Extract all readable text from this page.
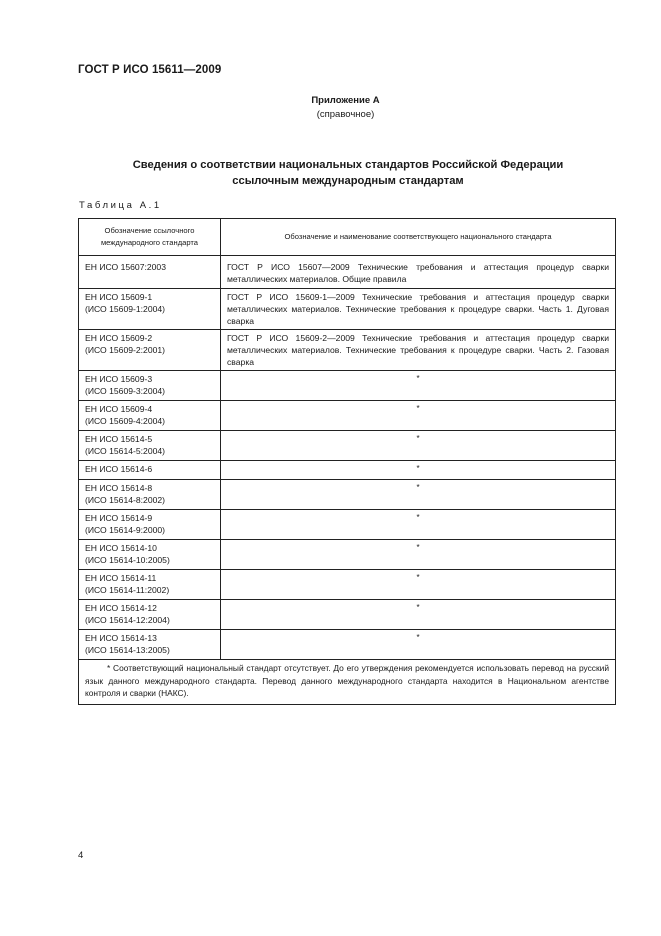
ГОСТ Р ИСО 15611—2009
Приложение А
(справочное)
Сведения о соответствии национальных стандартов Российской Федерации
ссылочным международным стандартам
Таблица А.1
Обозначение ссылочного международного стандарта	Обозначение и наименование соответствующего национального стандарта
ЕН ИСО 15607:2003	ГОСТ Р ИСО 15607—2009 Технические требования и аттестация процедур сварки металлических материалов. Общие правила

ЕН ИСО 15609-1
(ИСО 15609-1:2004)	ГОСТ Р ИСО 15609-1—2009 Технические требования и аттестация процедур сварки металлических материалов. Технические требования к процедуре сварки. Часть 1. Дуговая сварка

ЕН ИСО 15609-2
(ИСО 15609-2:2001)	ГОСТ Р ИСО 15609-2—2009 Технические требования и аттестация процедур сварки металлических материалов. Технические требования к процедуре сварки. Часть 2. Газовая сварка

ЕН ИСО 15609-3
(ИСО 15609-3:2004)	*

ЕН ИСО 15609-4
(ИСО 15609-4:2004)	*

ЕН ИСО 15614-5
(ИСО 15614-5:2004)	*

ЕН ИСО 15614-6	*

ЕН ИСО 15614-8
(ИСО 15614-8:2002)	*

ЕН ИСО 15614-9
(ИСО 15614-9:2000)	*

ЕН ИСО 15614-10
(ИСО 15614-10:2005)	*

ЕН ИСО 15614-11
(ИСО 15614-11:2002)	*

ЕН ИСО 15614-12
(ИСО 15614-12:2004)	*

ЕН ИСО 15614-13
(ИСО 15614-13:2005)	*

* Соответствующий национальный стандарт отсутствует. До его утверждения рекомендуется использовать перевод на русский язык данного международного стандарта. Перевод данного международного стандарта находится в Национальном агентстве контроля и сварки (НАКС).	
4
